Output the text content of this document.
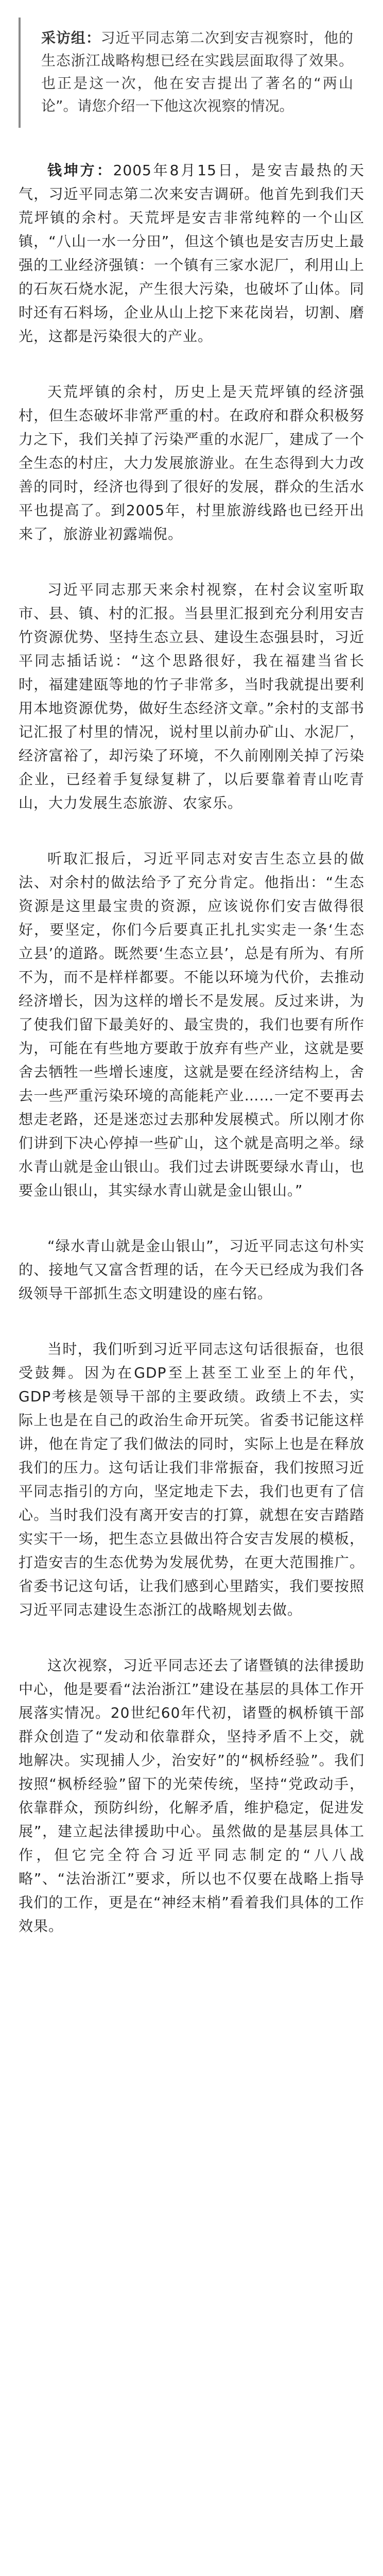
采访组：习近平同志第二次到安吉视察时，他的生态浙江战略构想已经在实践层面取得了效果。也正是这一次，他在安吉提出了著名的“两山论”。请您介绍一下他这次视察的情况。

钱坤方：2005年8月15日，是安吉最热的天气，习近平同志第二次来安吉调研。他首先到我们天荒坪镇的余村。天荒坪是安吉非常纯粹的一个山区镇，“八山一水一分田”，但这个镇也是安吉历史上最强的工业经济强镇：一个镇有三家水泥厂，利用山上的石灰石烧水泥，产生很大污染，也破坏了山体。同时还有石料场，企业从山上挖下来花岗岩，切割、磨光，这都是污染很大的产业。

天荒坪镇的余村，历史上是天荒坪镇的经济强村，但生态破坏非常严重的村。在政府和群众积极努力之下，我们关掉了污染严重的水泥厂，建成了一个全生态的村庄，大力发展旅游业。在生态得到大力改善的同时，经济也得到了很好的发展，群众的生活水平也提高了。到2005年，村里旅游线路也已经开出来了，旅游业初露端倪。

习近平同志那天来余村视察，在村会议室听取市、县、镇、村的汇报。当县里汇报到充分利用安吉竹资源优势、坚持生态立县、建设生态强县时，习近平同志插话说：“这个思路很好，我在福建当省长时，福建建瓯等地的竹子非常多，当时我就提出要利用本地资源优势，做好生态经济文章。”余村的支部书记汇报了村里的情况，说村里以前办矿山、水泥厂，经济富裕了，却污染了环境，不久前刚刚关掉了污染企业，已经着手复绿复耕了，以后要靠着青山吃青山，大力发展生态旅游、农家乐。

听取汇报后，习近平同志对安吉生态立县的做法、对余村的做法给予了充分肯定。他指出：“生态资源是这里最宝贵的资源，应该说你们安吉做得很好，要坚定，你们今后要真正扎扎实实走一条‘生态立县’的道路。既然要‘生态立县’，总是有所为、有所不为，而不是样样都要。不能以环境为代价，去推动经济增长，因为这样的增长不是发展。反过来讲，为了使我们留下最美好的、最宝贵的，我们也要有所作为，可能在有些地方要敢于放弃有些产业，这就是要舍去牺牲一些增长速度，这就是要在经济结构上，舍去一些严重污染环境的高能耗产业……一定不要再去想走老路，还是迷恋过去那种发展模式。所以刚才你们讲到下决心停掉一些矿山，这个就是高明之举。绿水青山就是金山银山。我们过去讲既要绿水青山，也要金山银山，其实绿水青山就是金山银山。”

“绿水青山就是金山银山”，习近平同志这句朴实的、接地气又富含哲理的话，在今天已经成为我们各级领导干部抓生态文明建设的座右铭。

当时，我们听到习近平同志这句话很振奋，也很受鼓舞。因为在GDP至上甚至工业至上的年代，GDP考核是领导干部的主要政绩。政绩上不去，实际上也是在自己的政治生命开玩笑。省委书记能这样讲，他在肯定了我们做法的同时，实际上也是在释放我们的压力。这句话让我们非常振奋，我们按照习近平同志指引的方向，坚定地走下去，我们也更有了信心。当时我们没有离开安吉的打算，就想在安吉踏踏实实干一场，把生态立县做出符合安吉发展的模板，打造安吉的生态优势为发展优势，在更大范围推广。省委书记这句话，让我们感到心里踏实，我们要按照习近平同志建设生态浙江的战略规划去做。

这次视察，习近平同志还去了诸暨镇的法律援助中心，他是要看“法治浙江”建设在基层的具体工作开展落实情况。20世纪60年代初，诸暨的枫桥镇干部群众创造了“发动和依靠群众，坚持矛盾不上交，就地解决。实现捕人少，治安好”的“枫桥经验”。我们按照“枫桥经验”留下的光荣传统，坚持“党政动手，依靠群众，预防纠纷，化解矛盾，维护稳定，促进发展”，建立起法律援助中心。虽然做的是基层具体工作，但它完全符合习近平同志制定的“八八战略”、“法治浙江”要求，所以也不仅要在战略上指导我们的工作，更是在“神经末梢”看着我们具体的工作效果。
